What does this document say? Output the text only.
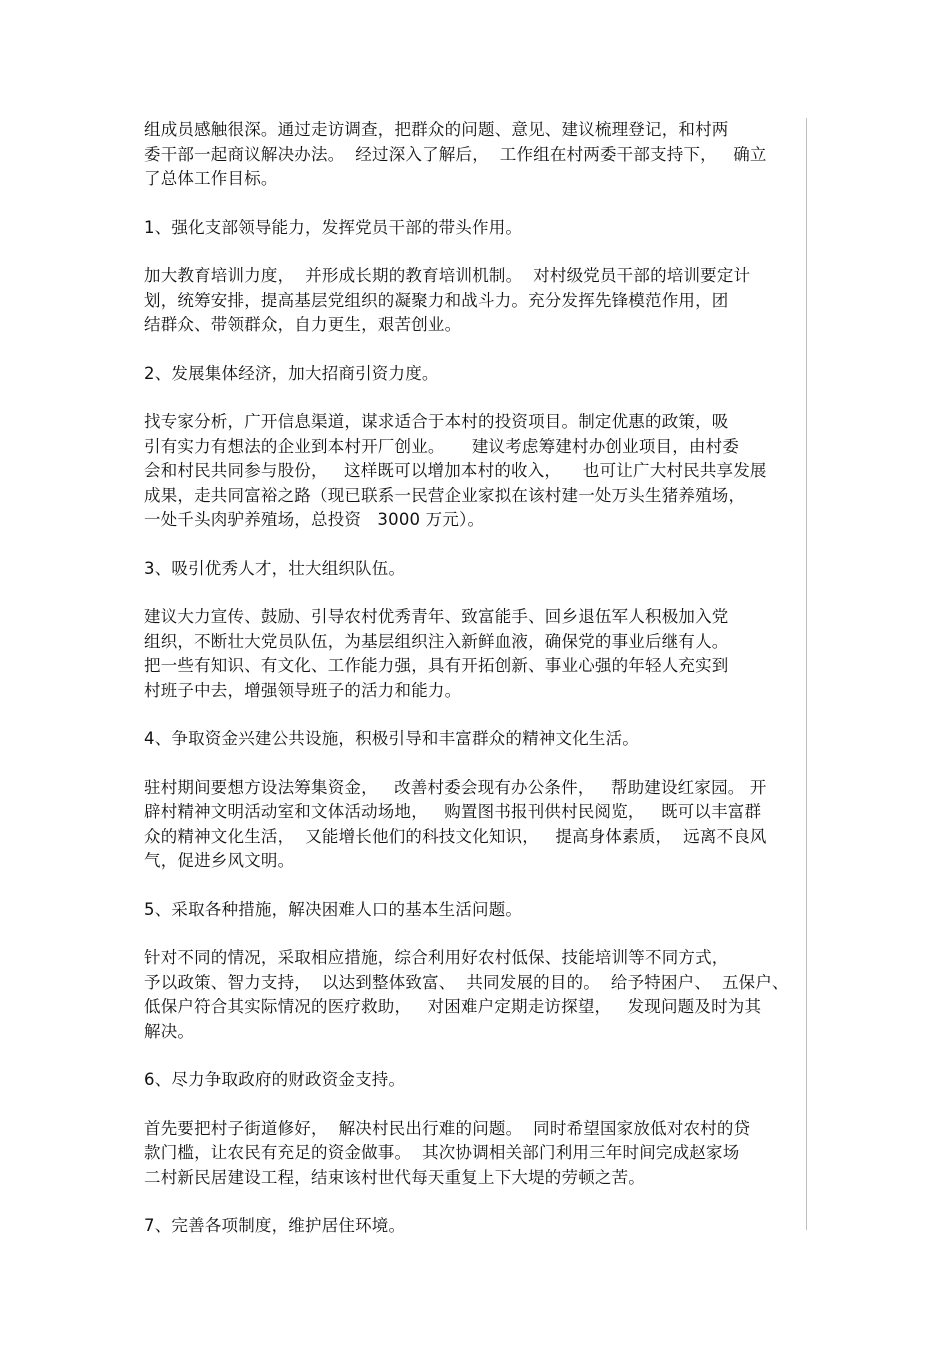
组成员感触很深。通过走访调查，把群众的问题、意见、建议梳理登记，和村两
委干部一起商议解决办法。  经过深入了解后，  工作组在村两委干部支持下，   确立
了总体工作目标。
1、强化支部领导能力，发挥党员干部的带头作用。
加大教育培训力度，  并形成长期的教育培训机制。  对村级党员干部的培训要定计
划，统筹安排，提高基层党组织的凝聚力和战斗力。充分发挥先锋模范作用，团
结群众、带领群众，自力更生，艰苦创业。
2、发展集体经济，加大招商引资力度。
找专家分析，广开信息渠道，谋求适合于本村的投资项目。制定优惠的政策，吸
引有实力有想法的企业到本村开厂创业。     建议考虑筹建村办创业项目，由村委
会和村民共同参与股份，   这样既可以增加本村的收入，    也可让广大村民共享发展
成果，走共同富裕之路（现已联系一民营企业家拟在该村建一处万头生猪养殖场，
一处千头肉驴养殖场，总投资   3000 万元）。
3、吸引优秀人才，壮大组织队伍。
建议大力宣传、鼓励、引导农村优秀青年、致富能手、回乡退伍军人积极加入党
组织，不断壮大党员队伍，为基层组织注入新鲜血液，确保党的事业后继有人。
把一些有知识、有文化、工作能力强，具有开拓创新、事业心强的年轻人充实到
村班子中去，增强领导班子的活力和能力。
4、争取资金兴建公共设施，积极引导和丰富群众的精神文化生活。
驻村期间要想方设法筹集资金，   改善村委会现有办公条件，   帮助建设红家园。 开
辟村精神文明活动室和文体活动场地，   购置图书报刊供村民阅览，   既可以丰富群
众的精神文化生活，  又能增长他们的科技文化知识，   提高身体素质，  远离不良风
气，促进乡风文明。
5、采取各种措施，解决困难人口的基本生活问题。
针对不同的情况，采取相应措施，综合利用好农村低保、技能培训等不同方式，
予以政策、智力支持，  以达到整体致富、  共同发展的目的。  给予特困户、  五保户、
低保户符合其实际情况的医疗救助，   对困难户定期走访探望，   发现问题及时为其
解决。
6、尽力争取政府的财政资金支持。
首先要把村子街道修好，  解决村民出行难的问题。  同时希望国家放低对农村的贷
款门槛，让农民有充足的资金做事。  其次协调相关部门利用三年时间完成赵家场
二村新民居建设工程，结束该村世代每天重复上下大堤的劳顿之苦。
7、完善各项制度，维护居住环境。
